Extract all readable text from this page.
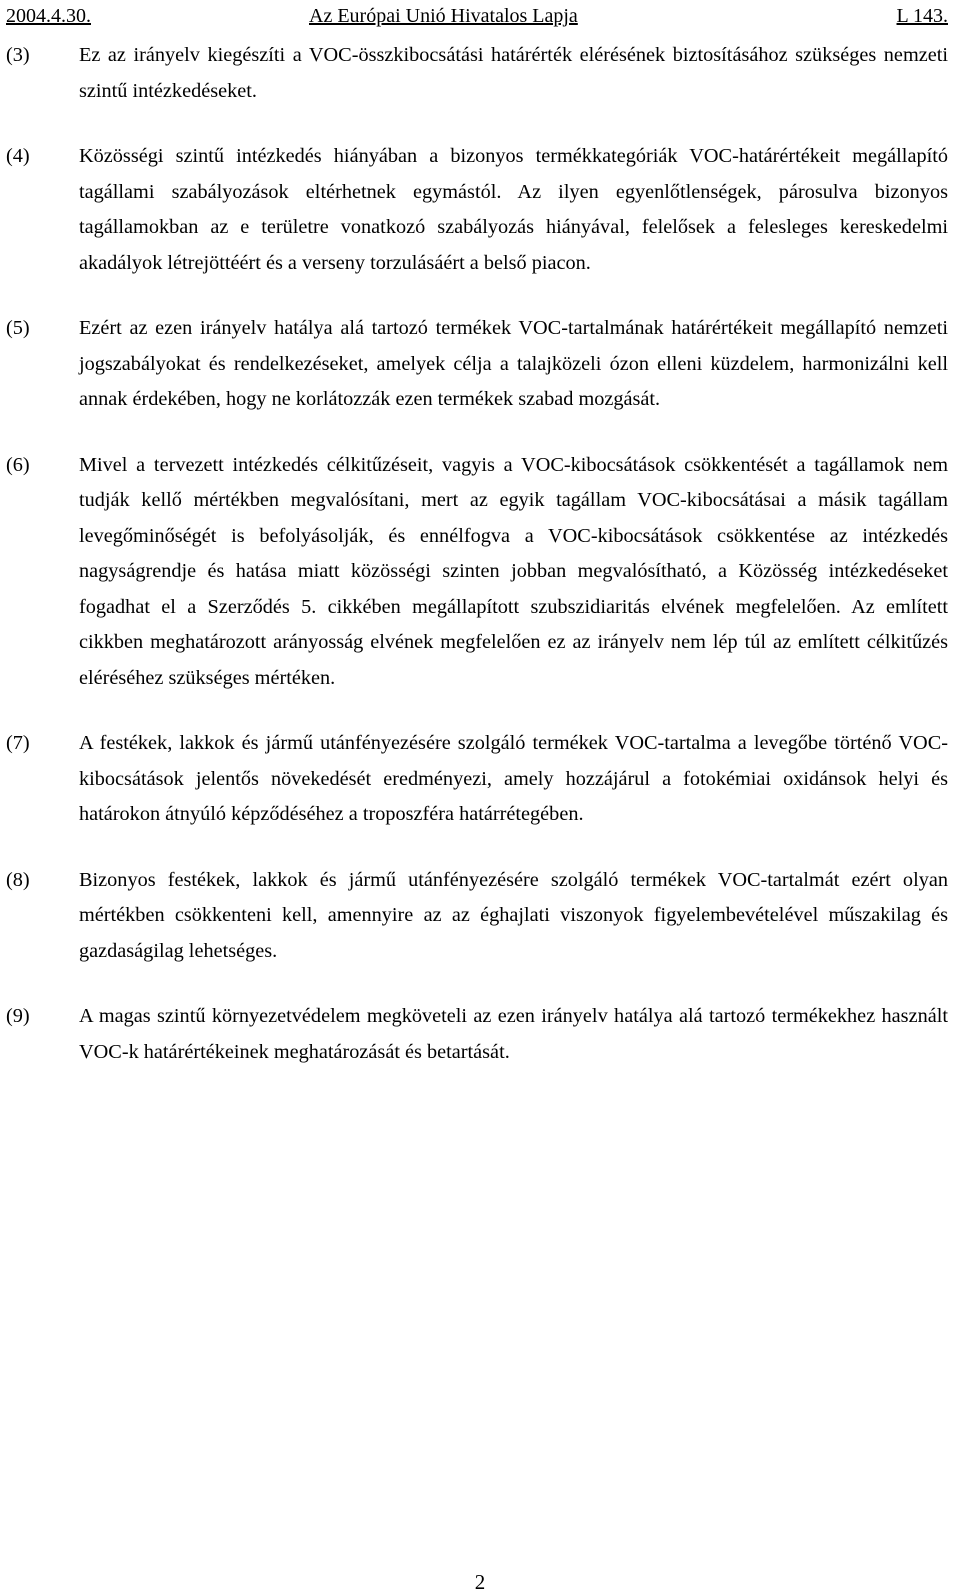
2004.4.30.	Az Európai Unió Hivatalos Lapja	L 143.
(3) Ez az irányelv kiegészíti a VOC-összkibocsátási határérték elérésének biztosításához szükséges nemzeti szintű intézkedéseket.
(4) Közösségi szintű intézkedés hiányában a bizonyos termékkategóriák VOC-határértékeit megállapító tagállami szabályozások eltérhetnek egymástól. Az ilyen egyenlőtlenségek, párosulva bizonyos tagállamokban az e területre vonatkozó szabályozás hiányával, felelősek a felesleges kereskedelmi akadályok létrejöttéért és a verseny torzulásáért a belső piacon.
(5) Ezért az ezen irányelv hatálya alá tartozó termékek VOC-tartalmának határértékeit megállapító nemzeti jogszabályokat és rendelkezéseket, amelyek célja a talajközeli ózon elleni küzdelem, harmonizálni kell annak érdekében, hogy ne korlátozzák ezen termékek szabad mozgását.
(6) Mivel a tervezett intézkedés célkitűzéseit, vagyis a VOC-kibocsátások csökkentését a tagállamok nem tudják kellő mértékben megvalósítani, mert az egyik tagállam VOC-kibocsátásai a másik tagállam levegőminőségét is befolyásolják, és ennélfogva a VOC-kibocsátások csökkentése az intézkedés nagyságrendje és hatása miatt közösségi szinten jobban megvalósítható, a Közösség intézkedéseket fogadhat el a Szerződés 5. cikkében megállapított szubszidiaritás elvének megfelelően. Az említett cikkben meghatározott arányosság elvének megfelelően ez az irányelv nem lép túl az említett célkitűzés eléréséhez szükséges mértéken.
(7) A festékek, lakkok és jármű utánfényezésére szolgáló termékek VOC-tartalma a levegőbe történő VOC-kibocsátások jelentős növekedését eredményezi, amely hozzájárul a fotokémiai oxidánsok helyi és határokon átnyúló képződéséhez a troposzféra határrétegében.
(8) Bizonyos festékek, lakkok és jármű utánfényezésére szolgáló termékek VOC-tartalmát ezért olyan mértékben csökkenteni kell, amennyire az az éghajlati viszonyok figyelembevételével műszakilag és gazdaságilag lehetséges.
(9) A magas szintű környezetvédelem megköveteli az ezen irányelv hatálya alá tartozó termékekhez használt VOC-k határértékeinek meghatározását és betartását.
2
